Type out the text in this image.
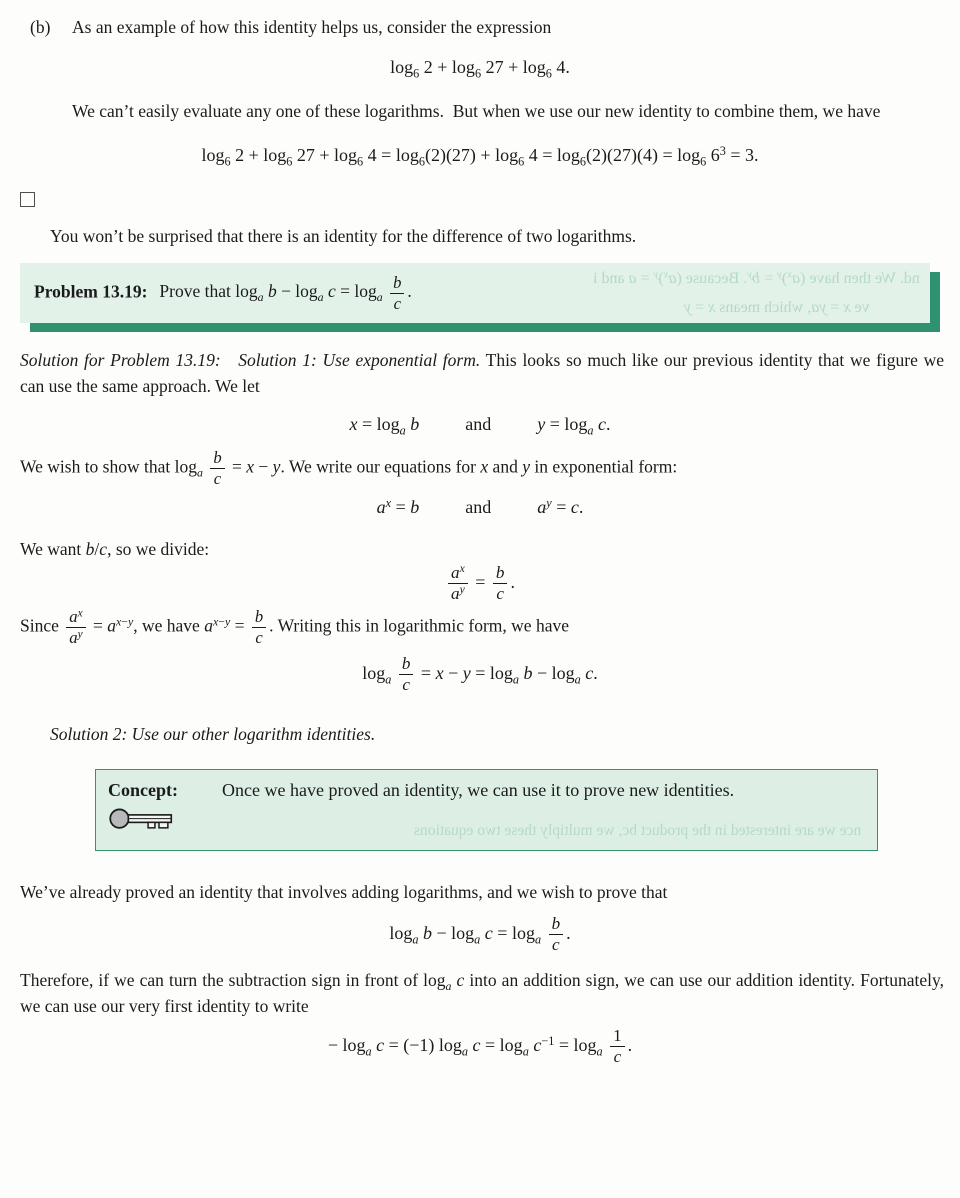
(b)	As an example of how this identity helps us, consider the expression
$\log_6 2 + \log_6 27 + \log_6 4$.
We can’t easily evaluate any one of these logarithms.  But when we use our new identity to combine them, we have
$\log_6 2 + \log_6 27 + \log_6 4 = \log_6(2)(27) + \log_6 4 = \log_6(2)(27)(4) = \log_6 6^3 = 3$.
You won’t be surprised that there is an identity for the difference of two logarithms.
nd. We then have $(a^x)^y = b^y$. Because $(a^x)^y = a$ and i
ve x = ya, which means x = y
Problem 13.19: Prove that $\log_a b - \log_a c = \log_a \frac{b}{c}$ .
Solution for Problem 13.19: Solution 1: Use exponential form. This looks so much like our previous identity that we figure we can use the same approach. We let
$x = \log_a b$	and	$y = \log_a c$.
We wish to show that $\log_a \frac{b}{c} = x - y$. We write our equations for x and y in exponential form:
$a^x = b$	and	$a^y = c$.
We want b/c, so we divide:
$\frac{a^x}{a^y} = \frac{b}{c}$ .
Since $\frac{a^x}{a^y} = a^{x-y}$, we have $a^{x-y} = \frac{b}{c}$ . Writing this in logarithmic form, we have
$\log_a \frac{b}{c} = x - y = \log_a b - \log_a c$.
Solution 2: Use our other logarithm identities.
Concept:	Once we have proved an identity, we can use it to prove new identities.
nce we are interested in the product bc, we multiply these two equations
We’ve already proved an identity that involves adding logarithms, and we wish to prove that
$\log_a b - \log_a c = \log_a \frac{b}{c}$ .
Therefore, if we can turn the subtraction sign in front of $\log_a c$ into an addition sign, we can use our addition identity. Fortunately, we can use our very first identity to write
− $\log_a c = (-1)$ $\log_a c = \log_a c^{-1} = \log_a \frac{1}{c}$ .
